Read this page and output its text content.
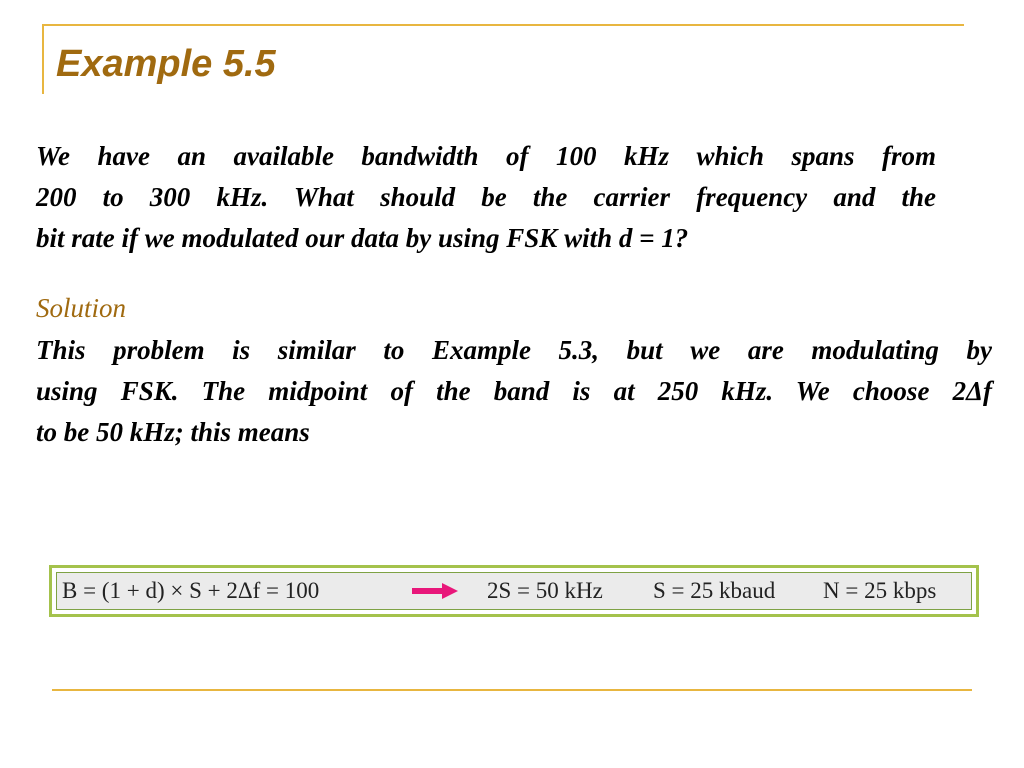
Example 5.5

We have an available bandwidth of 100 kHz which spans from
200 to 300 kHz. What should be the carrier frequency and the
bit rate if we modulated our data by using FSK with d = 1?

Solution

This problem is similar to Example 5.3, but we are modulating by
using FSK. The midpoint of the band is at 250 kHz. We choose 2Δf
to be 50 kHz; this means

B = (1 + d) × S + 2Δf = 100	2S = 50 kHz S = 25 kbaud N = 25 kbps
